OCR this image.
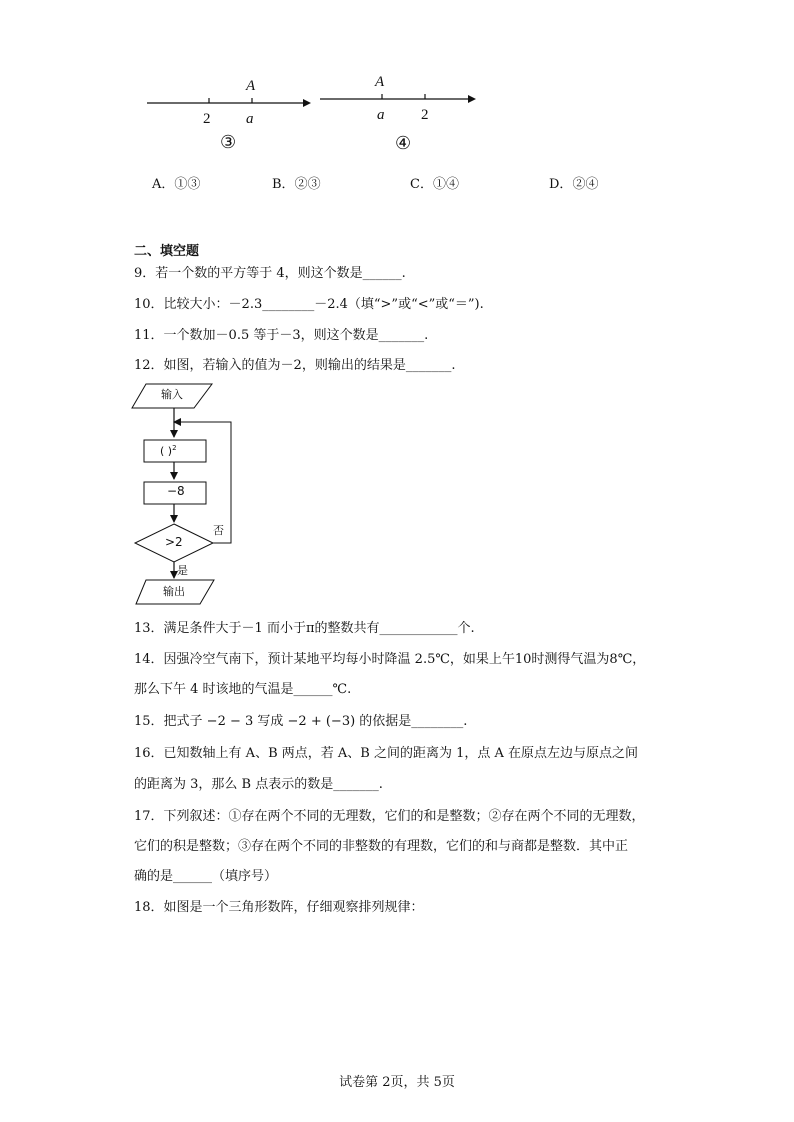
A
2 a
③
A
a 2
④
A．①③	B．②③	C．①④	D．②④
二、填空题
9．若一个数的平方等于 4，则这个数是______.
10．比较大小：－2.3________－2.4（填“>”或“<”或“＝”).
11．一个数加－0.5 等于－3，则这个数是_______.
12．如图，若输入的值为－2，则输出的结果是_______.
输入
( )$^2$
−8
>2
否
是
输出
13．满足条件大于－1 而小于π的整数共有____________个.
14．因强冷空气南下，预计某地平均每小时降温 2.5℃，如果上午10时测得气温为8℃，
那么下午 4 时该地的气温是______℃.
15．把式子 −2 − 3 写成 −2 + (−3) 的依据是________.
16．已知数轴上有 A、B 两点，若 A、B 之间的距离为 1，点 A 在原点左边与原点之间
的距离为 3，那么 B 点表示的数是_______.
17．下列叙述：①存在两个不同的无理数，它们的和是整数；②存在两个不同的无理数，
它们的积是整数；③存在两个不同的非整数的有理数，它们的和与商都是整数．其中正
确的是______（填序号）
18．如图是一个三角形数阵，仔细观察排列规律：
试卷第 2页，共 5页
